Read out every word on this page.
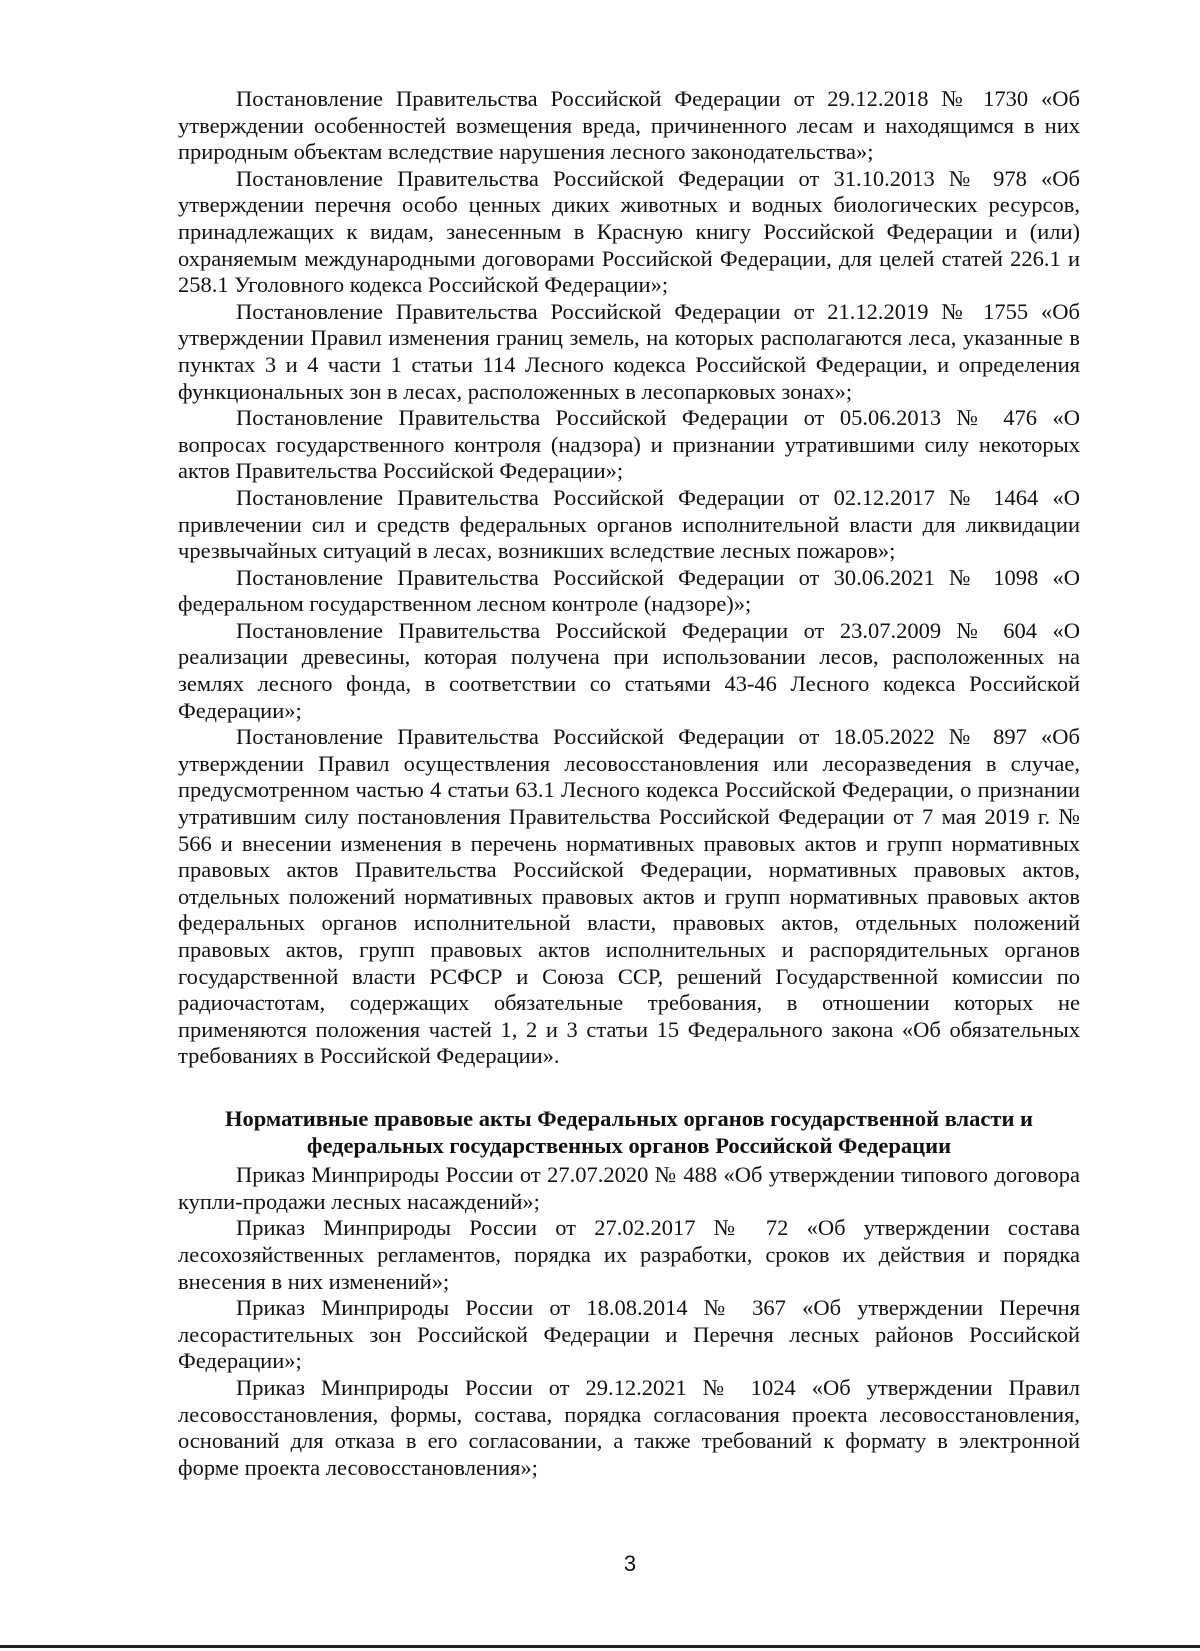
Постановление Правительства Российской Федерации от 29.12.2018 № 1730 «Об утверждении особенностей возмещения вреда, причиненного лесам и находящимся в них природным объектам вследствие нарушения лесного законодательства»;

Постановление Правительства Российской Федерации от 31.10.2013 № 978 «Об утверждении перечня особо ценных диких животных и водных биологических ресурсов, принадлежащих к видам, занесенным в Красную книгу Российской Федерации и (или) охраняемым международными договорами Российской Федерации, для целей статей 226.1 и 258.1 Уголовного кодекса Российской Федерации»;

Постановление Правительства Российской Федерации от 21.12.2019 № 1755 «Об утверждении Правил изменения границ земель, на которых располагаются леса, указанные в пунктах 3 и 4 части 1 статьи 114 Лесного кодекса Российской Федерации, и определения функциональных зон в лесах, расположенных в лесопарковых зонах»;

Постановление Правительства Российской Федерации от 05.06.2013 № 476 «О вопросах государственного контроля (надзора) и признании утратившими силу некоторых актов Правительства Российской Федерации»;

Постановление Правительства Российской Федерации от 02.12.2017 № 1464 «О привлечении сил и средств федеральных органов исполнительной власти для ликвидации чрезвычайных ситуаций в лесах, возникших вследствие лесных пожаров»;

Постановление Правительства Российской Федерации от 30.06.2021 № 1098 «О федеральном государственном лесном контроле (надзоре)»;

Постановление Правительства Российской Федерации от 23.07.2009 № 604 «О реализации древесины, которая получена при использовании лесов, расположенных на землях лесного фонда, в соответствии со статьями 43-46 Лесного кодекса Российской Федерации»;

Постановление Правительства Российской Федерации от 18.05.2022 № 897 «Об утверждении Правил осуществления лесовосстановления или лесоразведения в случае, предусмотренном частью 4 статьи 63.1 Лесного кодекса Российской Федерации, о признании утратившим силу постановления Правительства Российской Федерации от 7 мая 2019 г. № 566 и внесении изменения в перечень нормативных правовых актов и групп нормативных правовых актов Правительства Российской Федерации, нормативных правовых актов, отдельных положений нормативных правовых актов и групп нормативных правовых актов федеральных органов исполнительной власти, правовых актов, отдельных положений правовых актов, групп правовых актов исполнительных и распорядительных органов государственной власти РСФСР и Союза ССР, решений Государственной комиссии по радиочастотам, содержащих обязательные требования, в отношении которых не применяются положения частей 1, 2 и 3 статьи 15 Федерального закона «Об обязательных требованиях в Российской Федерации».

Нормативные правовые акты Федеральных органов государственной власти и федеральных государственных органов Российской Федерации

Приказ Минприроды России от 27.07.2020 № 488 «Об утверждении типового договора купли-продажи лесных насаждений»;

Приказ Минприроды России от 27.02.2017 № 72 «Об утверждении состава лесохозяйственных регламентов, порядка их разработки, сроков их действия и порядка внесения в них изменений»;

Приказ Минприроды России от 18.08.2014 № 367 «Об утверждении Перечня лесорастительных зон Российской Федерации и Перечня лесных районов Российской Федерации»;

Приказ Минприроды России от 29.12.2021 № 1024 «Об утверждении Правил лесовосстановления, формы, состава, порядка согласования проекта лесовосстановления, оснований для отказа в его согласовании, а также требований к формату в электронной форме проекта лесовосстановления»;

3
